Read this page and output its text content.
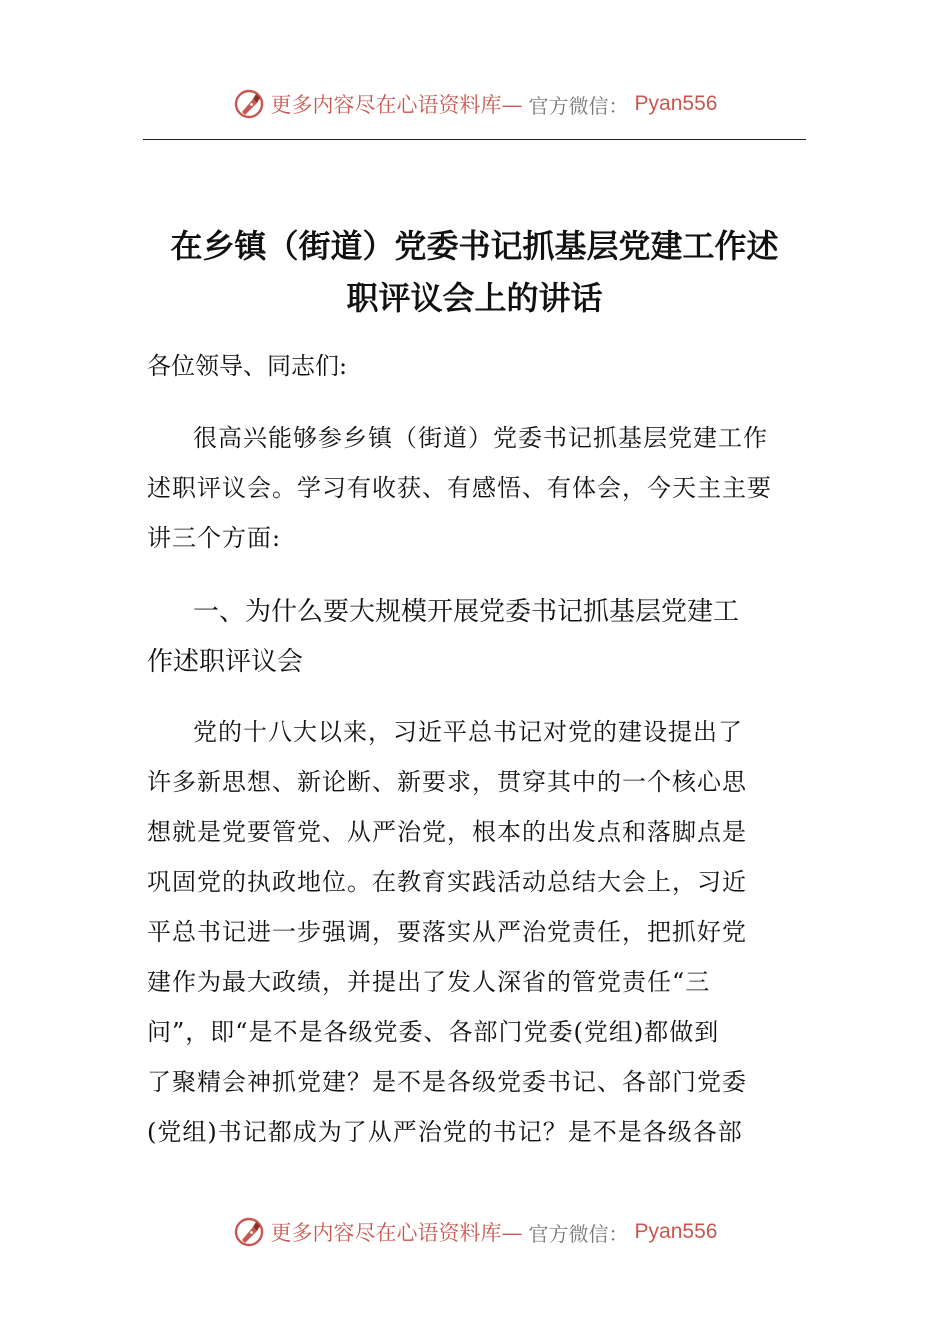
更多内容尽在心语资料库— 官方微信： Pyan556
在乡镇（街道）党委书记抓基层党建工作述
职评议会上的讲话
各位领导、同志们:
很高兴能够参乡镇（街道）党委书记抓基层党建工作
述职评议会。学习有收获、有感悟、有体会，今天主主要
讲三个方面:
一、为什么要大规模开展党委书记抓基层党建工
作述职评议会
党的十八大以来，习近平总书记对党的建设提出了
许多新思想、新论断、新要求，贯穿其中的一个核心思
想就是党要管党、从严治党，根本的出发点和落脚点是
巩固党的执政地位。在教育实践活动总结大会上，习近
平总书记进一步强调，要落实从严治党责任，把抓好党
建作为最大政绩，并提出了发人深省的管党责任“三
问”，即“是不是各级党委、各部门党委(党组)都做到
了聚精会神抓党建？是不是各级党委书记、各部门党委
(党组)书记都成为了从严治党的书记？是不是各级各部
更多内容尽在心语资料库— 官方微信： Pyan556
